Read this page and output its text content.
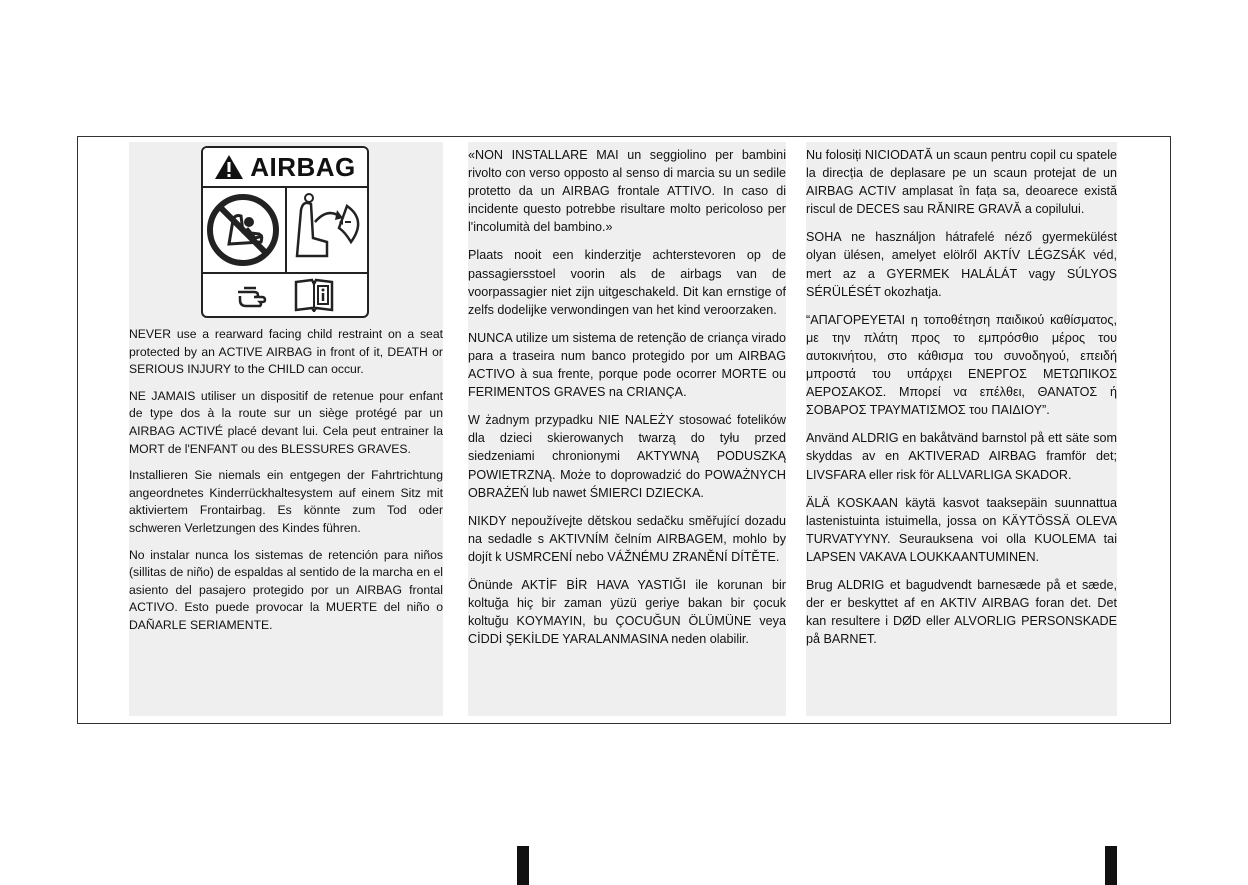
AIRBAG

NEVER use a rearward facing child restraint on a seat protected by an ACTIVE AIRBAG in front of it, DEATH or SERIOUS INJURY to the CHILD can occur.

NE JAMAIS utiliser un dispositif de retenue pour enfant de type dos à la route sur un siège protégé par un AIRBAG ACTIVÉ placé devant lui. Cela peut entrainer la MORT de l'ENFANT ou des BLESSURES GRAVES.

Installieren Sie niemals ein entgegen der Fahrtrichtung angeordnetes Kinderrückhaltesystem auf einem Sitz mit aktiviertem Frontairbag. Es könnte zum Tod oder schweren Verletzungen des Kindes führen.

No instalar nunca los sistemas de retención para niños (sillitas de niño) de espaldas al sentido de la marcha en el asiento del pasajero protegido por un AIRBAG frontal ACTIVO. Esto puede provocar la MUERTE del niño o DAÑARLE SERIAMENTE.

«NON INSTALLARE MAI un seggiolino per bambini rivolto con verso opposto al senso di marcia su un sedile protetto da un AIRBAG frontale ATTIVO. In caso di incidente questo potrebbe risultare molto pericoloso per l'incolumità del bambino.»

Plaats nooit een kinderzitje achterstevoren op de passagiersstoel voorin als de airbags van de voorpassagier niet zijn uitgeschakeld. Dit kan ernstige of zelfs dodelijke verwondingen van het kind veroorzaken.

NUNCA utilize um sistema de retenção de criança virado para a traseira num banco protegido por um AIRBAG ACTIVO à sua frente, porque pode ocorrer MORTE ou FERIMENTOS GRAVES na CRIANÇA.

W żadnym przypadku NIE NALEŻY stosować fotelików dla dzieci skierowanych twarzą do tyłu przed siedzeniami chronionymi AKTYWNĄ PODUSZKĄ POWIETRZNĄ. Może to doprowadzić do POWAŻNYCH OBRAŻEŃ lub nawet ŚMIERCI DZIECKA.

NIKDY nepoužívejte dětskou sedačku směřující dozadu na sedadle s AKTIVNÍM čelním AIRBAGEM, mohlo by dojít k USMRCENÍ nebo VÁŽNÉMU ZRANĚNÍ DÍTĚTE.

Önünde AKTİF BİR HAVA YASTIĞI ile korunan bir koltuğa hiç bir zaman yüzü geriye bakan bir çocuk koltuğu KOYMAYIN, bu ÇOCUĞUN ÖLÜMÜNE veya CİDDİ ŞEKİLDE YARALANMASINA neden olabilir.

Nu folosiți NICIODATĂ un scaun pentru copil cu spatele la direcția de deplasare pe un scaun protejat de un AIRBAG ACTIV amplasat în fața sa, deoarece există riscul de DECES sau RĂNIRE GRAVĂ a copilului.

SOHA ne használjon hátrafelé néző gyermekülést olyan ülésen, amelyet elölről AKTÍV LÉGZSÁK véd, mert az a GYERMEK HALÁLÁT vagy SÚLYOS SÉRÜLÉSÉT okozhatja.

“ΑΠΑΓΟΡΕΥΕΤΑΙ η τοποθέτηση παιδικού καθίσματος, με την πλάτη προς το εμπρόσθιο μέρος του αυτοκινήτου, στο κάθισμα του συνοδηγού, επειδή μπροστά του υπάρχει ΕΝΕΡΓΟΣ ΜΕΤΩΠΙΚΟΣ ΑΕΡΟΣΑΚΟΣ. Μπορεί να επέλθει, ΘΑΝΑΤΟΣ ή ΣΟΒΑΡΟΣ ΤΡΑΥΜΑΤΙΣΜΟΣ του ΠΑΙΔΙΟΥ”.

Använd ALDRIG en bakåtvänd barnstol på ett säte som skyddas av en AKTIVERAD AIRBAG framför det; LIVSFARA eller risk för ALLVARLIGA SKADOR.

ÄLÄ KOSKAAN käytä kasvot taaksepäin suunnattua lastenistuinta istuimella, jossa on KÄYTÖSSÄ OLEVA TURVATYYNY. Seurauksena voi olla KUOLEMA tai LAPSEN VAKAVA LOUKKAANTUMINEN.

Brug ALDRIG et bagudvendt barnesæde på et sæde, der er beskyttet af en AKTIV AIRBAG foran det. Det kan resultere i DØD eller ALVORLIG PERSONSKADE på BARNET.
